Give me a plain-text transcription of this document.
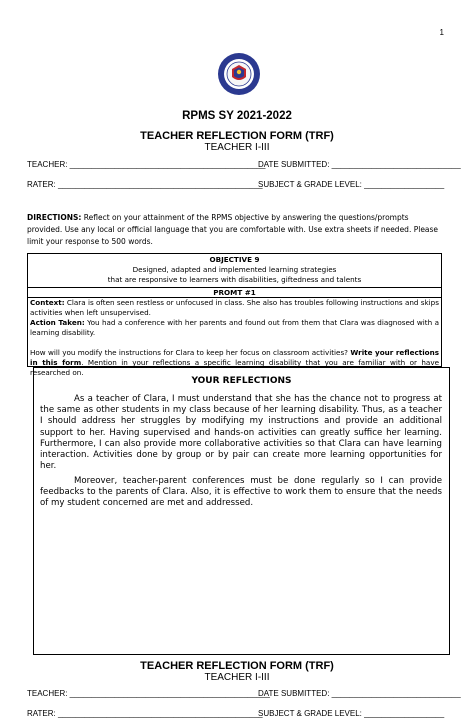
1
RPMS SY 2021-2022
TEACHER REFLECTION FORM (TRF)
TEACHER I-III
TEACHER: ____________________________________________
DATE SUBMITTED: _____________________________
RATER: ______________________________________________
SUBJECT & GRADE LEVEL: __________________
DIRECTIONS: Reflect on your attainment of the RPMS objective by answering the questions/prompts provided. Use any local or official language that you are comfortable with. Use extra sheets if needed. Please limit your response to 500 words.
OBJECTIVE 9
Designed, adapted and implemented learning strategies
that are responsive to learners with disabilities, giftedness and talents
PROMT #1
Context: Clara is often seen restless or unfocused in class. She also has troubles following instructions and skips activities when left unsupervised.
Action Taken: You had a conference with her parents and found out from them that Clara was diagnosed with a learning disability.
How will you modify the instructions for Clara to keep her focus on classroom activities? Write your reflections in this form. Mention in your reflections a specific learning disability that you are familiar with or have researched on.
YOUR REFLECTIONS
As a teacher of Clara, I must understand that she has the chance not to progress at the same as other students in my class because of her learning disability. Thus, as a teacher I should address her struggles by modifying my instructions and provide an additional support to her. Having supervised and hands-on activities can greatly suffice her learning. Furthermore, I can also provide more collaborative activities so that Clara can have learning interaction. Activities done by group or by pair can create more learning opportunities for her.
Moreover, teacher-parent conferences must be done regularly so I can provide feedbacks to the parents of Clara. Also, it is effective to work them to ensure that the needs of my student concerned are met and addressed.
TEACHER REFLECTION FORM (TRF)
TEACHER I-III
TEACHER: _____________________________________________
DATE SUBMITTED: _____________________________
RATER: ______________________________________________
SUBJECT & GRADE LEVEL: __________________
